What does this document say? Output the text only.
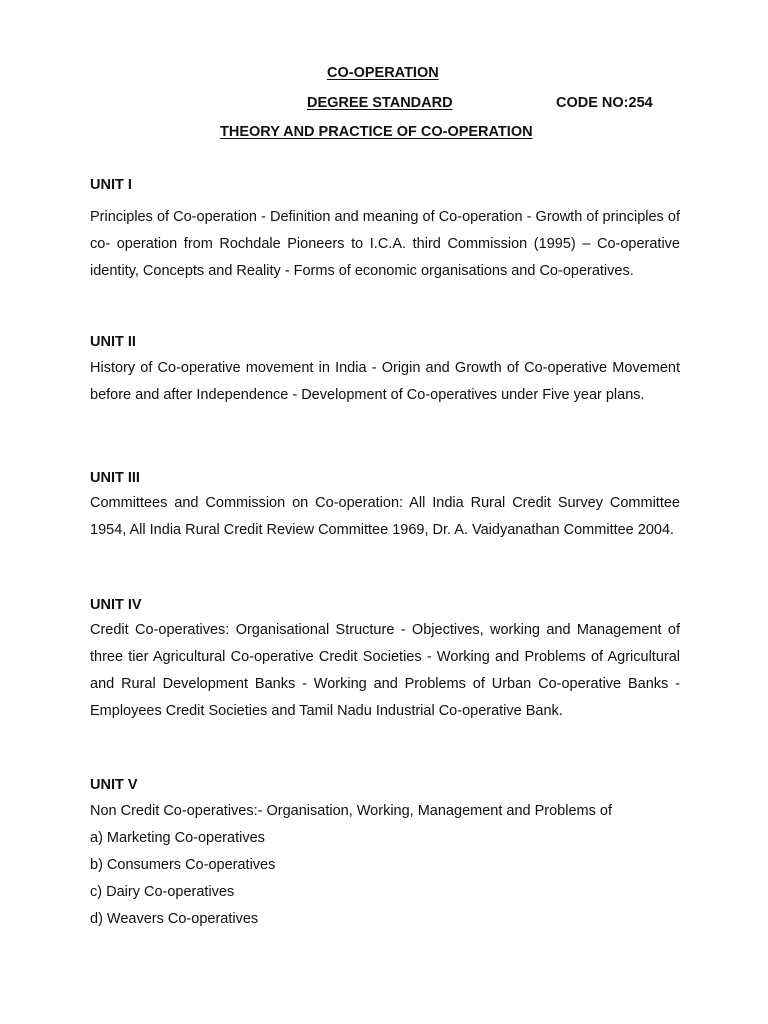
CO-OPERATION
DEGREE STANDARD	CODE NO:254
THEORY AND PRACTICE OF CO-OPERATION
UNIT I

Principles of Co-operation - Definition and meaning of Co-operation - Growth of principles of co- operation from Rochdale Pioneers to I.C.A. third Commission (1995) – Co-operative identity, Concepts and Reality - Forms of economic organisations and Co-operatives.

UNIT II

History of Co-operative movement in India - Origin and Growth of Co-operative Movement before and after Independence - Development of Co-operatives under Five year plans.

UNIT III

Committees and Commission on Co-operation: All India Rural Credit Survey Committee 1954, All India Rural Credit Review Committee 1969, Dr. A. Vaidyanathan Committee 2004.

UNIT IV

Credit Co-operatives: Organisational Structure - Objectives, working and Management of three tier Agricultural Co-operative Credit Societies - Working and Problems of Agricultural and Rural Development Banks - Working and Problems of Urban Co-operative Banks - Employees Credit Societies and Tamil Nadu Industrial Co-operative Bank.

UNIT V
Non Credit Co-operatives:- Organisation, Working, Management and Problems of
a) Marketing Co-operatives
b) Consumers Co-operatives
c) Dairy Co-operatives
d) Weavers Co-operatives
